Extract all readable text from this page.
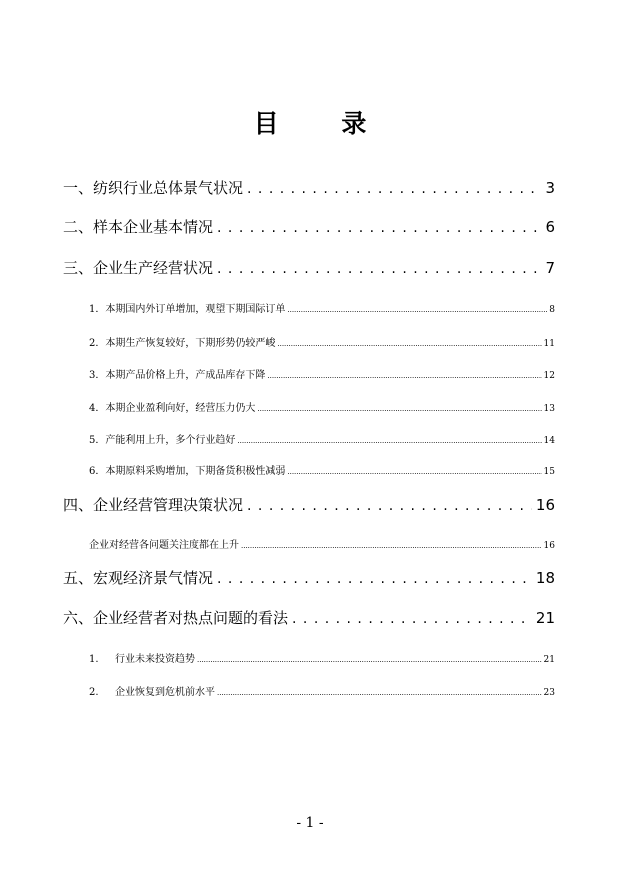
目 录
一、纺织行业总体景气状况 . . .	3
二、样本企业基本情况 . . .	6
三、企业生产经营状况 . . .	7
1．本期国内外订单增加，观望下期国际订单 .....	8
2．本期生产恢复较好，下期形势仍较严峻 .....	11
3．本期产品价格上升，产成品库存下降 .....	12
4．本期企业盈利向好，经营压力仍大 .....	13
5．产能利用上升，多个行业趋好 .....	14
6．本期原料采购增加，下期备货积极性减弱 .....	15
四、企业经营管理决策状况 . . .	16
企业对经营各问题关注度都在上升 .....	16
五、宏观经济景气情况 . . .	18
六、企业经营者对热点问题的看法 . . .	21
1. 行业未来投资趋势 .....	21
2. 企业恢复到危机前水平 .....	23
- 1 -
